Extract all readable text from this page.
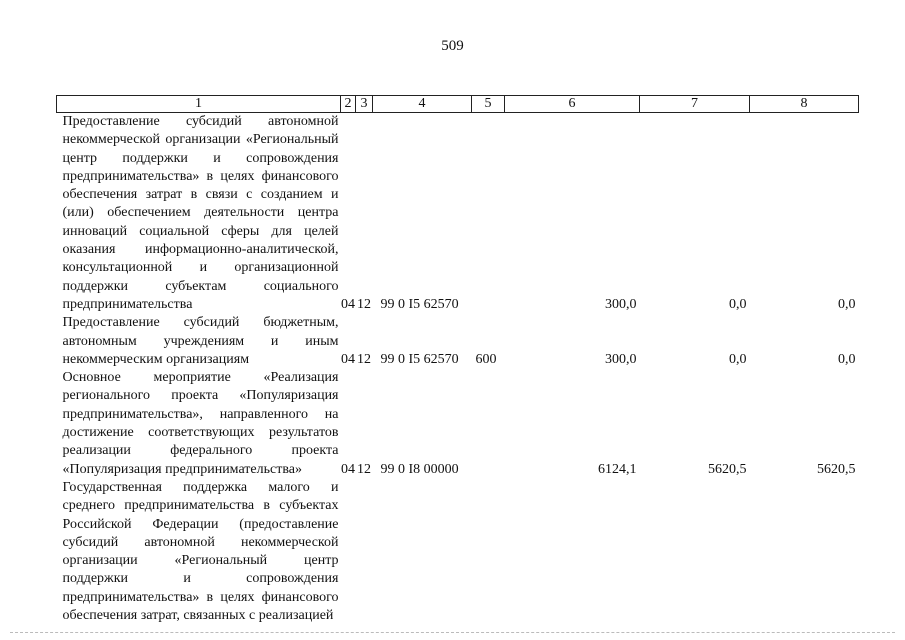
509
1	2	3	4	5	6	7	8
Предоставление субсидий автономной некоммерческой организации «Региональный центр поддержки и сопровождения предпринимательства» в целях финансового обеспечения затрат в связи с созданием и (или) обеспечением деятельности центра инноваций социальной сферы для целей оказания информационно-аналитической, консультационной и организационной поддержки субъектам социального предпринимательства	04	12	99 0 I5 62570		300,0	0,0	0,0
Предоставление субсидий бюджетным, автономным учреждениям и иным некоммерческим организациям	04	12	99 0 I5 62570	600	300,0	0,0	0,0
Основное мероприятие «Реализация регионального проекта «Популяризация предпринимательства», направленного на достижение соответствующих результатов реализации федерального проекта «Популяризация предпринимательства»	04	12	99 0 I8 00000		6124,1	5620,5	5620,5
Государственная поддержка малого и среднего предпринимательства в субъектах Российской Федерации (предоставление субсидий автономной некоммерческой организации «Региональный центр поддержки и сопровождения предпринимательства» в целях финансового обеспечения затрат, связанных с реализацией							
